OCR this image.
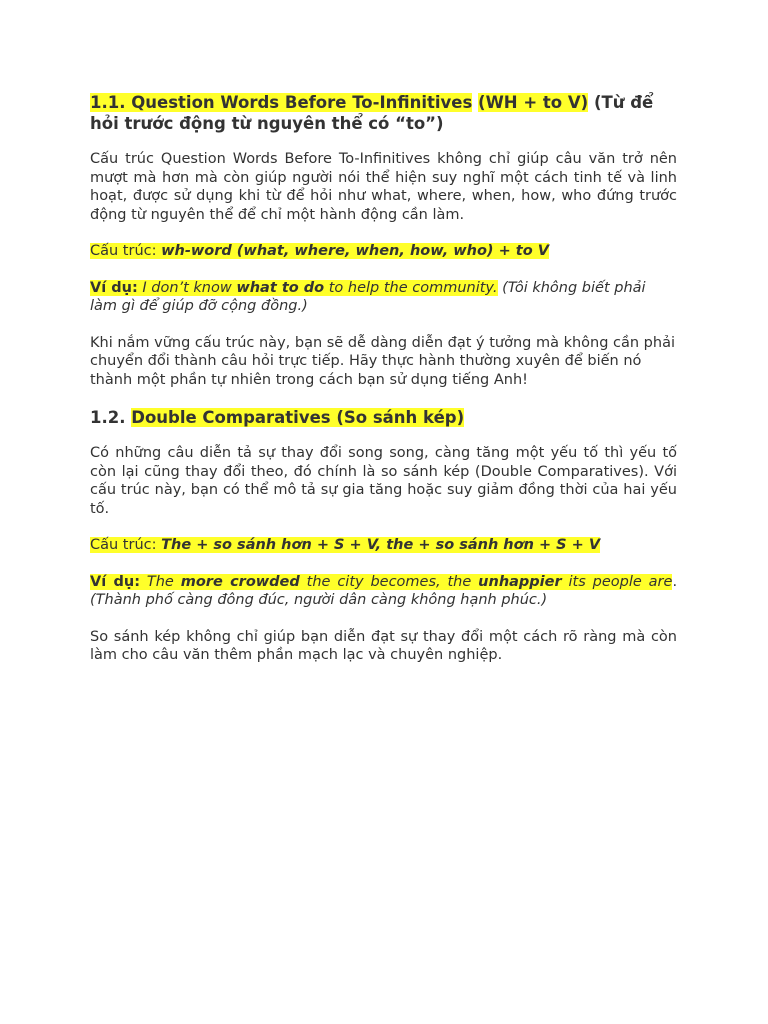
1.1. Question Words Before To-Infinitives (WH + to V) (Từ để hỏi trước động từ nguyên thể có “to”)

Cấu trúc Question Words Before To-Infinitives không chỉ giúp câu văn trở nên mượt mà hơn mà còn giúp người nói thể hiện suy nghĩ một cách tinh tế và linh hoạt, được sử dụng khi từ để hỏi như what, where, when, how, who đứng trước động từ nguyên thể để chỉ một hành động cần làm.

Cấu trúc: wh-word (what, where, when, how, who) + to V

Ví dụ: I don’t know what to do to help the community. (Tôi không biết phải làm gì để giúp đỡ cộng đồng.)

Khi nắm vững cấu trúc này, bạn sẽ dễ dàng diễn đạt ý tưởng mà không cần phải chuyển đổi thành câu hỏi trực tiếp. Hãy thực hành thường xuyên để biến nó thành một phần tự nhiên trong cách bạn sử dụng tiếng Anh!

1.2. Double Comparatives (So sánh kép)

Có những câu diễn tả sự thay đổi song song, càng tăng một yếu tố thì yếu tố còn lại cũng thay đổi theo, đó chính là so sánh kép (Double Comparatives). Với cấu trúc này, bạn có thể mô tả sự gia tăng hoặc suy giảm đồng thời của hai yếu tố.

Cấu trúc: The + so sánh hơn + S + V, the + so sánh hơn + S + V

Ví dụ: The more crowded the city becomes, the unhappier its people are. (Thành phố càng đông đúc, người dân càng không hạnh phúc.)

So sánh kép không chỉ giúp bạn diễn đạt sự thay đổi một cách rõ ràng mà còn làm cho câu văn thêm phần mạch lạc và chuyên nghiệp.
